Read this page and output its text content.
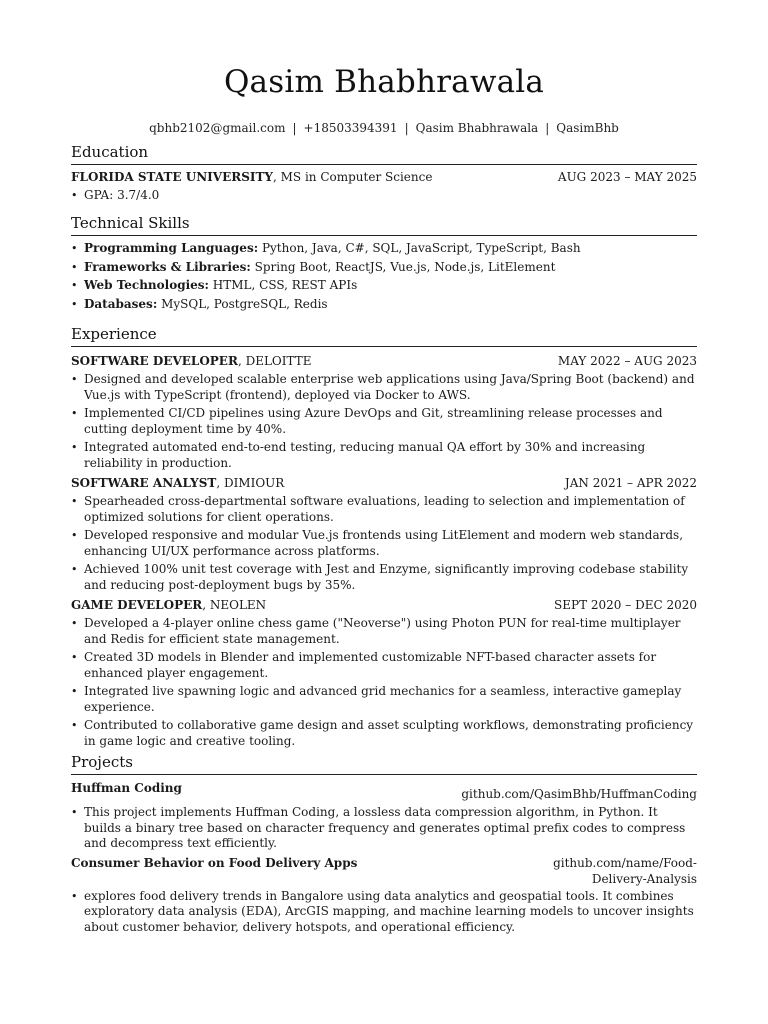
Qasim Bhabhrawala
qbhb2102@gmail.com | +18503394391 | Qasim Bhabhrawala | QasimBhb
Education
FLORIDA STATE UNIVERSITY, MS in Computer Science	AUG 2023 – MAY 2025
• GPA: 3.7/4.0
Technical Skills
• Programming Languages: Python, Java, C#, SQL, JavaScript, TypeScript, Bash
• Frameworks & Libraries: Spring Boot, ReactJS, Vue.js, Node.js, LitElement
• Web Technologies: HTML, CSS, REST APIs
• Databases: MySQL, PostgreSQL, Redis
Experience
SOFTWARE DEVELOPER, DELOITTE	MAY 2022 – AUG 2023
• Designed and developed scalable enterprise web applications using Java/Spring Boot (backend) and Vue.js with TypeScript (frontend), deployed via Docker to AWS.
• Implemented CI/CD pipelines using Azure DevOps and Git, streamlining release processes and cutting deployment time by 40%.
• Integrated automated end-to-end testing, reducing manual QA effort by 30% and increasing reliability in production.
SOFTWARE ANALYST, DIMIOUR	JAN 2021 – APR 2022
• Spearheaded cross-departmental software evaluations, leading to selection and implementation of optimized solutions for client operations.
• Developed responsive and modular Vue.js frontends using LitElement and modern web standards, enhancing UI/UX performance across platforms.
• Achieved 100% unit test coverage with Jest and Enzyme, significantly improving codebase stability and reducing post-deployment bugs by 35%.
GAME DEVELOPER, NEOLEN	SEPT 2020 – DEC 2020
• Developed a 4-player online chess game ("Neoverse") using Photon PUN for real-time multiplayer and Redis for efficient state management.
• Created 3D models in Blender and implemented customizable NFT-based character assets for enhanced player engagement.
• Integrated live spawning logic and advanced grid mechanics for a seamless, interactive gameplay experience.
• Contributed to collaborative game design and asset sculpting workflows, demonstrating proficiency in game logic and creative tooling.
Projects
Huffman Coding	github.com/QasimBhb/HuffmanCoding
• This project implements Huffman Coding, a lossless data compression algorithm, in Python. It builds a binary tree based on character frequency and generates optimal prefix codes to compress and decompress text efficiently.
Consumer Behavior on Food Delivery Apps	github.com/name/Food-
Delivery-Analysis
• explores food delivery trends in Bangalore using data analytics and geospatial tools. It combines exploratory data analysis (EDA), ArcGIS mapping, and machine learning models to uncover insights about customer behavior, delivery hotspots, and operational efficiency.
